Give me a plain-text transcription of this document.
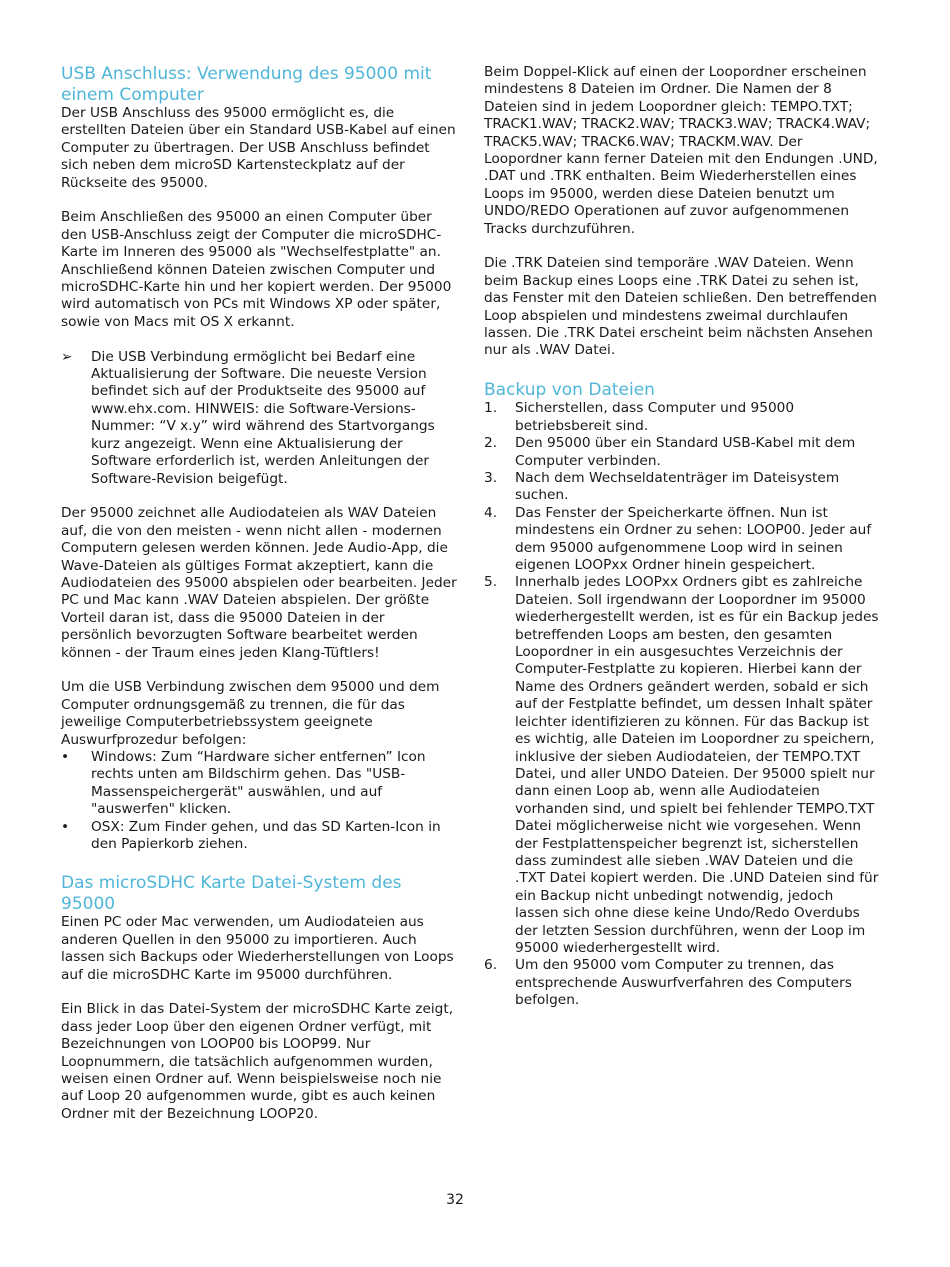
USB Anschluss: Verwendung des 95000 mit einem Computer

Der USB Anschluss des 95000 ermöglicht es, die erstellten Dateien über ein Standard USB-Kabel auf einen Computer zu übertragen. Der USB Anschluss befindet sich neben dem microSD Kartensteckplatz auf der Rückseite des 95000.

Beim Anschließen des 95000 an einen Computer über den USB-Anschluss zeigt der Computer die microSDHC-Karte im Inneren des 95000 als "Wechselfestplatte" an. Anschließend können Dateien zwischen Computer und microSDHC-Karte hin und her kopiert werden. Der 95000 wird automatisch von PCs mit Windows XP oder später, sowie von Macs mit OS X erkannt.

➢ Die USB Verbindung ermöglicht bei Bedarf eine Aktualisierung der Software. Die neueste Version befindet sich auf der Produktseite des 95000 auf www.ehx.com. HINWEIS: die Software-Versions-Nummer: “V x.y” wird während des Startvorgangs kurz angezeigt. Wenn eine Aktualisierung der Software erforderlich ist, werden Anleitungen der Software-Revision beigefügt.

Der 95000 zeichnet alle Audiodateien als WAV Dateien auf, die von den meisten - wenn nicht allen - modernen Computern gelesen werden können. Jede Audio-App, die Wave-Dateien als gültiges Format akzeptiert, kann die Audiodateien des 95000 abspielen oder bearbeiten. Jeder PC und Mac kann .WAV Dateien abspielen. Der größte Vorteil daran ist, dass die 95000 Dateien in der persönlich bevorzugten Software bearbeitet werden können - der Traum eines jeden Klang-Tüftlers!

Um die USB Verbindung zwischen dem 95000 und dem Computer ordnungsgemäß zu trennen, die für das jeweilige Computerbetriebssystem geeignete Auswurfprozedur befolgen:

• Windows: Zum “Hardware sicher entfernen” Icon rechts unten am Bildschirm gehen. Das "USB-Massenspeichergerät" auswählen, und auf "auswerfen" klicken.
• OSX: Zum Finder gehen, und das SD Karten-Icon in den Papierkorb ziehen.
Das microSDHC Karte Datei-System des 95000

Einen PC oder Mac verwenden, um Audiodateien aus anderen Quellen in den 95000 zu importieren. Auch lassen sich Backups oder Wiederherstellungen von Loops auf die microSDHC Karte im 95000 durchführen.

Ein Blick in das Datei-System der microSDHC Karte zeigt, dass jeder Loop über den eigenen Ordner verfügt, mit Bezeichnungen von LOOP00 bis LOOP99. Nur Loopnummern, die tatsächlich aufgenommen wurden, weisen einen Ordner auf. Wenn beispielsweise noch nie auf Loop 20 aufgenommen wurde, gibt es auch keinen Ordner mit der Bezeichnung LOOP20.

Beim Doppel-Klick auf einen der Loopordner erscheinen mindestens 8 Dateien im Ordner. Die Namen der 8 Dateien sind in jedem Loopordner gleich: TEMPO.TXT; TRACK1.WAV; TRACK2.WAV; TRACK3.WAV; TRACK4.WAV; TRACK5.WAV; TRACK6.WAV; TRACKM.WAV. Der Loopordner kann ferner Dateien mit den Endungen .UND, .DAT und .TRK enthalten. Beim Wiederherstellen eines Loops im 95000, werden diese Dateien benutzt um UNDO/REDO Operationen auf zuvor aufgenommenen Tracks durchzuführen.

Die .TRK Dateien sind temporäre .WAV Dateien. Wenn beim Backup eines Loops eine .TRK Datei zu sehen ist, das Fenster mit den Dateien schließen. Den betreffenden Loop abspielen und mindestens zweimal durchlaufen lassen. Die .TRK Datei erscheint beim nächsten Ansehen nur als .WAV Datei.

Backup von Dateien
1. Sicherstellen, dass Computer und 95000 betriebsbereit sind.
2. Den 95000 über ein Standard USB-Kabel mit dem Computer verbinden.
3. Nach dem Wechseldatenträger im Dateisystem suchen.
4. Das Fenster der Speicherkarte öffnen. Nun ist mindestens ein Ordner zu sehen: LOOP00. Jeder auf dem 95000 aufgenommene Loop wird in seinen eigenen LOOPxx Ordner hinein gespeichert.
5. Innerhalb jedes LOOPxx Ordners gibt es zahlreiche Dateien. Soll irgendwann der Loopordner im 95000 wiederhergestellt werden, ist es für ein Backup jedes betreffenden Loops am besten, den gesamten Loopordner in ein ausgesuchtes Verzeichnis der Computer-Festplatte zu kopieren. Hierbei kann der Name des Ordners geändert werden, sobald er sich auf der Festplatte befindet, um dessen Inhalt später leichter identifizieren zu können. Für das Backup ist es wichtig, alle Dateien im Loopordner zu speichern, inklusive der sieben Audiodateien, der TEMPO.TXT Datei, und aller UNDO Dateien. Der 95000 spielt nur dann einen Loop ab, wenn alle Audiodateien vorhanden sind, und spielt bei fehlender TEMPO.TXT Datei möglicherweise nicht wie vorgesehen. Wenn der Festplattenspeicher begrenzt ist, sicherstellen dass zumindest alle sieben .WAV Dateien und die .TXT Datei kopiert werden. Die .UND Dateien sind für ein Backup nicht unbedingt notwendig, jedoch lassen sich ohne diese keine Undo/Redo Overdubs der letzten Session durchführen, wenn der Loop im 95000 wiederhergestellt wird.
6. Um den 95000 vom Computer zu trennen, das entsprechende Auswurfverfahren des Computers befolgen.
32
